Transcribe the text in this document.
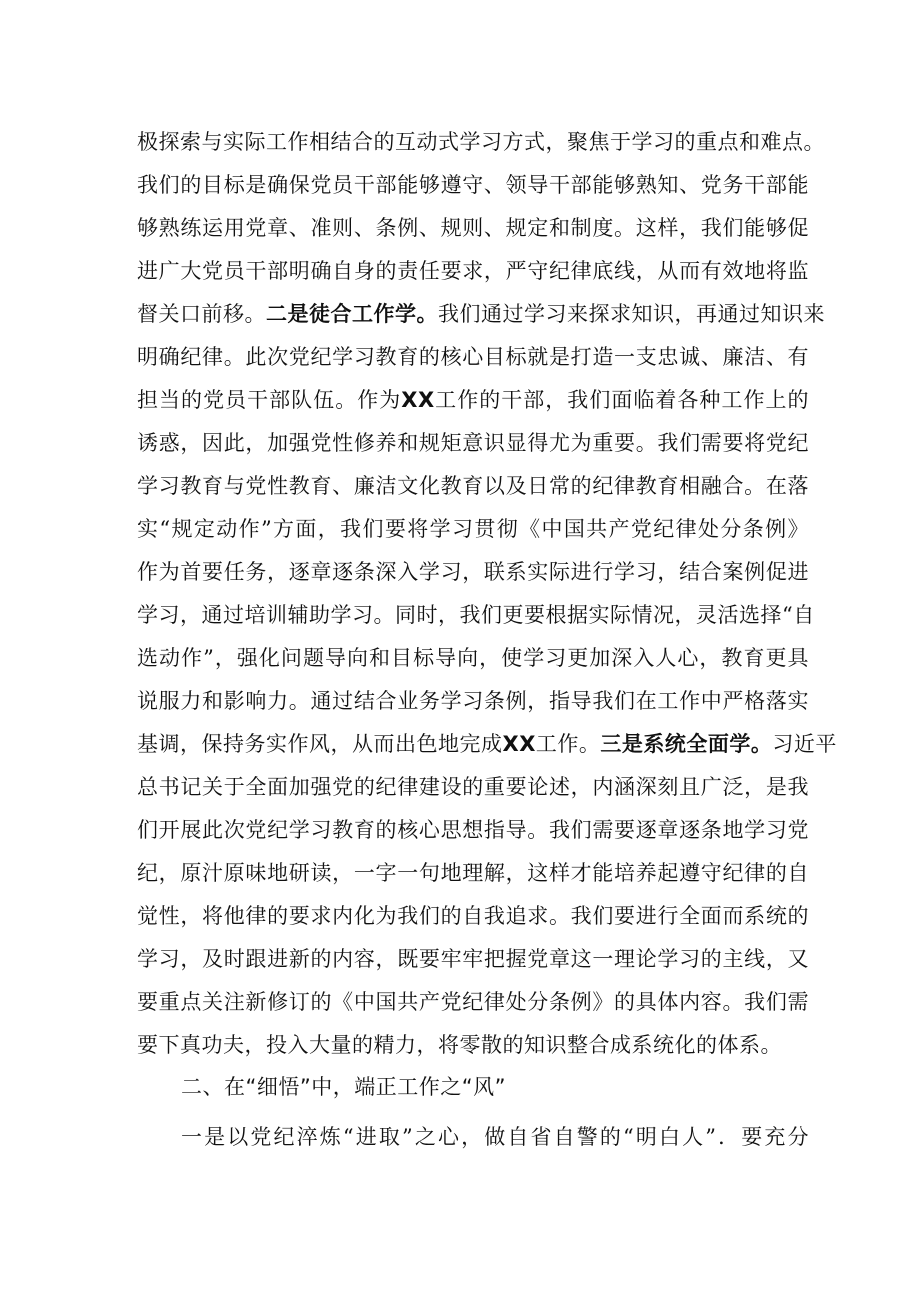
极探索与实际工作相结合的互动式学习方式，聚焦于学习的重点和难点。
我们的目标是确保党员干部能够遵守、领导干部能够熟知、党务干部能
够熟练运用党章、准则、条例、规则、规定和制度。这样，我们能够促
进广大党员干部明确自身的责任要求，严守纪律底线，从而有效地将监
督关口前移。二是徒合工作学。我们通过学习来探求知识，再通过知识来
明确纪律。此次党纪学习教育的核心目标就是打造一支忠诚、廉洁、有
担当的党员干部队伍。作为XX工作的干部，我们面临着各种工作上的
诱惑，因此，加强党性修养和规矩意识显得尤为重要。我们需要将党纪
学习教育与党性教育、廉洁文化教育以及日常的纪律教育相融合。在落
实“规定动作”方面，我们要将学习贯彻《中国共产党纪律处分条例》
作为首要任务，逐章逐条深入学习，联系实际进行学习，结合案例促进
学习，通过培训辅助学习。同时，我们更要根据实际情况，灵活选择“自
选动作”，强化问题导向和目标导向，使学习更加深入人心，教育更具
说服力和影响力。通过结合业务学习条例，指导我们在工作中严格落实
基调，保持务实作风，从而出色地完成XX工作。三是系统全面学。习近平
总书记关于全面加强党的纪律建设的重要论述，内涵深刻且广泛，是我
们开展此次党纪学习教育的核心思想指导。我们需要逐章逐条地学习党
纪，原汁原味地研读，一字一句地理解，这样才能培养起遵守纪律的自
觉性，将他律的要求内化为我们的自我追求。我们要进行全面而系统的
学习，及时跟进新的内容，既要牢牢把握党章这一理论学习的主线，又
要重点关注新修订的《中国共产党纪律处分条例》的具体内容。我们需
要下真功夫，投入大量的精力，将零散的知识整合成系统化的体系。
二、在“细悟”中，端正工作之“风”
一是以党纪淬炼“进取”之心，做自省自警的“明白人”．要充分
